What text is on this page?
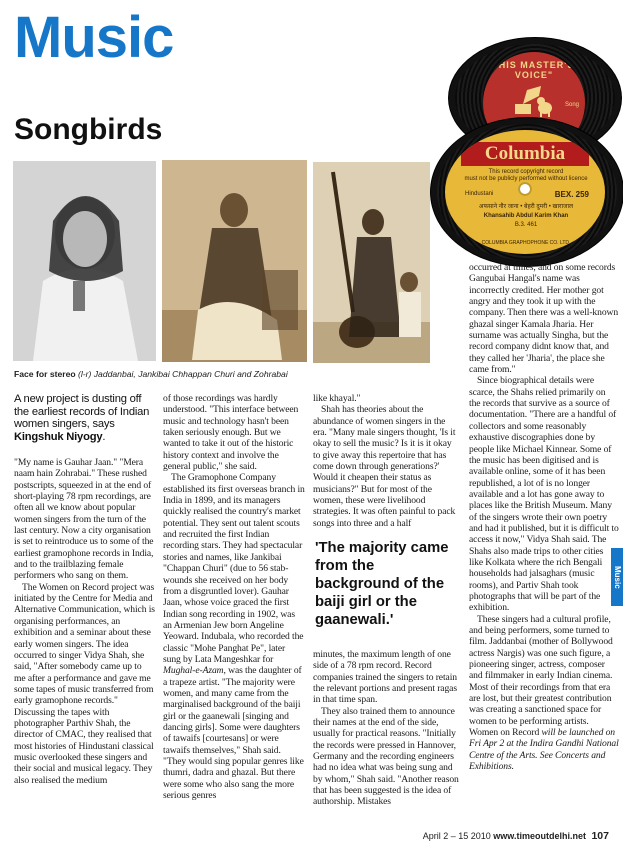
Music
Songbirds
"HIS MASTER'S VOICE"
Song
Columbia
This record copyright record
must not be publicly performed without licence
Hindustani	BEX. 259
अफसाने नौर जाना • बेहरी दुमरी • खाराजाल
Khansahib Abdul Karim Khan
B.3. 461
COLUMBIA GRAPHOPHONE CO. LTD.
Face for stereo (l-r) Jaddanbai, Jankibai Chhappan Churi and Zohrabai
A new project is dusting off the earliest records of Indian women singers, says Kingshuk Niyogy.

"My name is Gauhar Jaan." "Mera naam hain Zohrabai." These rushed postscripts, squeezed in at the end of short-playing 78 rpm recordings, are often all we know about popular women singers from the turn of the last century. Now a city organisation is set to reintroduce us to some of the earliest gramophone records in India, and to the trailblazing female performers who sang on them.

The Women on Record project was initiated by the Centre for Media and Alternative Communication, which is organising performances, an exhibition and a seminar about these early women singers. The idea occurred to singer Vidya Shah, she said, "After somebody came up to me after a performance and gave me some tapes of music transferred from early gramophone records." Discussing the tapes with photographer Parthiv Shah, the director of CMAC, they realised that most histories of Hindustani classical music overlooked these singers and their social and musical legacy. They also realised the medium

of those recordings was hardly understood. "This interface between music and technology hasn't been taken seriously enough. But we wanted to take it out of the historic history context and involve the general public," she said.

The Gramophone Company established its first overseas branch in India in 1899, and its managers quickly realised the country's market potential. They sent out talent scouts and recruited the first Indian recording stars. They had spectacular stories and names, like Jankibai "Chappan Churi" (due to 56 stab-wounds she received on her body from a disgruntled lover). Gauhar Jaan, whose voice graced the first Indian song recording in 1902, was an Armenian Jew born Angeline Yeoward. Indubala, who recorded the classic "Mohe Panghat Pe", later sung by Lata Mangeshkar for Mughal-e-Azam, was the daughter of a trapeze artist. "The majority were women, and many came from the marginalised background of the baiji girl or the gaanewali [singing and dancing girls]. Some were daughters of tawaifs [courtesans] or were tawaifs themselves," Shah said. "They would sing popular genres like thumri, dadra and ghazal. But there were some who also sang the more serious genres

like khayal."

Shah has theories about the abundance of women singers in the era. "Many male singers thought, 'Is it okay to sell the music? Is it is it okay to give away this repertoire that has come down through generations?' Would it cheapen their status as musicians?" But for most of the women, these were livelihood strategies. It was often painful to pack songs into three and a half

'The majority came from the background of the baiji girl or the gaanewali.'

minutes, the maximum length of one side of a 78 rpm record. Record companies trained the singers to retain the relevant portions and present ragas in that time span.

They also trained them to announce their names at the end of the side, usually for practical reasons. "Initially the records were pressed in Hannover, Germany and the recording engineers had no idea what was being sung and by whom," Shah said. "Another reason that has been suggested is the idea of authorship. Mistakes

occurred at times, and on some records Gangubai Hangal's name was incorrectly credited. Her mother got angry and they took it up with the company. Then there was a well-known ghazal singer Kamala Jharia. Her surname was actually Singha, but the record company didnt know that, and they called her 'Jharia', the place she came from."

Since biographical details were scarce, the Shahs relied primarily on the records that survive as a source of documentation. "There are a handful of collectors and some reasonably exhaustive discographies done by people like Michael Kinnear. Some of the music has been digitised and is available online, some of it has been republished, a lot of is no longer available and a lot has gone away to places like the British Museum. Many of the singers wrote their own poetry and had it published, but it is difficult to access it now," Vidya Shah said. The Shahs also made trips to other cities like Kolkata where the rich Bengali households had jalsaghars (music rooms), and Partiv Shah took photographs that will be part of the exhibition.

These singers had a cultural profile, and being performers, some turned to film. Jaddanbai (mother of Bollywood actress Nargis) was one such figure, a pioneering singer, actress, composer and filmmaker in early Indian cinema. Most of their recordings from that era are lost, but their greatest contribution was creating a sanctioned space for women to be performing artists.

Women on Record will be launched on Fri Apr 2 at the Indira Gandhi National Centre of the Arts. See Concerts and Exhibitions.

Music
April 2 – 15 2010 www.timeoutdelhi.net 107
